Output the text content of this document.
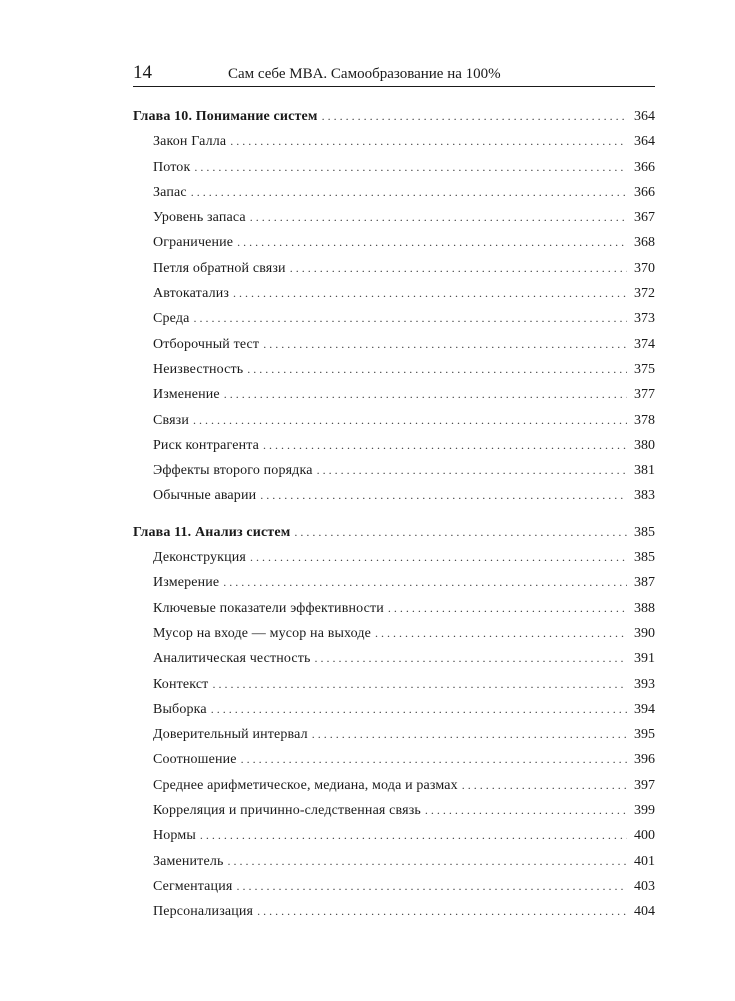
14	Сам себе MBA. Самообразование на 100%
Глава 10. Понимание систем . . .	364
Закон Галла . . .	364
Поток . . .	366
Запас . . .	366
Уровень запаса . . .	367
Ограничение . . .	368
Петля обратной связи . . .	370
Автокатализ . . .	372
Среда . . .	373
Отборочный тест . . .	374
Неизвестность . . .	375
Изменение . . .	377
Связи . . .	378
Риск контрагента . . .	380
Эффекты второго порядка . . .	381
Обычные аварии . . .	383
Глава 11. Анализ систем . . .	385
Деконструкция . . .	385
Измерение . . .	387
Ключевые показатели эффективности . . .	388
Мусор на входе — мусор на выходе . . .	390
Аналитическая честность . . .	391
Контекст . . .	393
Выборка . . .	394
Доверительный интервал . . .	395
Соотношение . . .	396
Среднее арифметическое, медиана, мода и размах . . .	397
Корреляция и причинно-следственная связь . . .	399
Нормы . . .	400
Заменитель . . .	401
Сегментация . . .	403
Персонализация . . .	404
